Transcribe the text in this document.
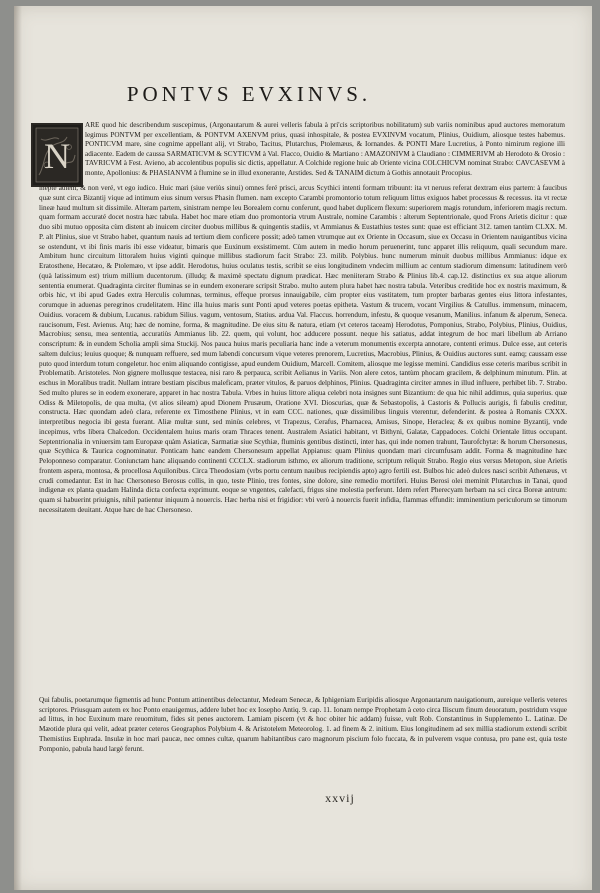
PONTVS EVXINVS.
N

ARE quod hic describendum suscepimus, (Argonautarum & aurei velleris fabula à pri'cis scriptoribus nobilitatum) sub variis nominibus apud auctores memoratum legimus PONTVM per excellentiam, & PONTVM AXENVM prius, quasi inhospitale, & postea EVXINVM vocatum, Plinius, Ouidium, aliosque testes habemus. PONTICVM mare, sine cognime appellant alij, vt Strabo, Tacitus, Plutarchus, Ptolemæus, & Iornandes. & PONTI Mare Lucretius, à Ponto nimirum regione illi adiacente. Eadem de caussa SARMATICVM & SCYTICVM à Val. Flacco, Ouidio & Martiano : AMAZONIVM à Claudiano : CIMMERIVM ab Herodoto & Orosio : TAVRICVM à Fest. Avieno, ab accolentibus populis sic dictis, appellatur. A Colchide regione huic ab Oriente vicina COLCHICVM nominat Strabo: CAVCASEVM à monte, Apollonius: & PHASIANVM à flumine se in illud exonerante, Arstides. Sed & TANAIM dictum à Gothis annotauit Procopius.

inepte autem, & non veré, vt ego iudico. Huic mari (siue veriùs sinui) omnes feré prisci, arcus Scythici intenti formam tribuunt: ita vt neruus referat dextram eius partem: à faucibus quæ sunt circa Bizantij vique ad intimum eius sinum versus Phasin flumen. nam excepto Carambi promontorio totum reliquum littus exiguos habet processus & recessus. ita vt rectæ lineæ haud multum sit dissimile. Alteram partem, sinistram nempe leu Borealem cornu conferunt, quod habet duplicem flexum: superiorem magis rotundum, inferiorem magis rectum. quam formam accuraté docet nostra hæc tabula. Habet hoc mare etiam duo promontoria vtrum Australe, nomine Carambis : alterum Septentrionale, quod Frons Arietis dicitur : quæ duo sibi mutuo opposita cùm distent ab inuicem circiter duobus millibus & quingentis stadiis, vt Ammianus & Eustathius testes sunt: quae est efficiant 312. tamen tantùm CLXX. M. P. alt Plinius, siue vt Strabo habet, quantum nauis ad tertium diem conficere possit; adeò tamen vtrumque aut ex Oriente in Occasum, siue ex Occasu in Orientem nauigantibus vicina se ostendunt, vt ibi finis maris ibi esse videatur, bimaris que Euxinum exsistimemt. Cùm autem in medio horum peruenerint, tunc apparet illis reliquum, quali secundum mare. Ambitum hunc circuitum littoralem huius viginti quinque millibus stadiorum facit Strabo: 23. milib. Polybius. hunc numerum minuit duobus millibus Ammianus: idque ex Eratosthene, Hecatæo, & Ptolemæo, vt ipse addit. Herodotus, huius oculatus testis, scribit se eius longitudinem vndecim millium ac centum stadiorum dimensum: latitudinem verò (quà latissimum est) trium millium ducentorum. (illudq; & maximè spectatu dignum prædicat. Hæc meniiteram Strabo & Plinius lib.4. cap.12. distinctius ex sua atque aliorum sententia enumerat. Quadraginta circiter fluminas se in eundem exonerare scripsit Strabo. multo autem plura habet hæc nostra tabula. Veteribus creditide hoc ex nostris maximum, & orbis hic, vt ibi apud Gades extra Herculis columnas, terminus, effeque prorsus innauigabile, cùm propter eius vastitatem, tum propter barbaras gentes eius littora infestantes, corumque in aduenas peregrinos crudelitatem. Hinc illa huius maris sunt Ponti apud veteres poetas epitheta. Vastum & trucem, vocant Virgilius & Catullus. immensum, minacem, Ouidius. voracem & dubium, Lucanus. rabidum Silius. vagum, ventosum, Statius. ardua Val. Flaccus. horrendum, infestu, & quoque vesanum, Manilius. infanum & alperum, Seneca. raucisonum, Fest. Avienus. Atq; hæc de nomine, forma, & magnitudine. De eius situ & natura, etiam (vt ceteros taceam) Herodotus, Pomponius, Strabo, Polybius, Plinius, Ouidius, Macrobius; sensu, mea sententia, accuratiùs Ammianus lib. 22. quem, qui volunt, hoc adducere possunt. neque his satiatus, addat integrum de hoc mari libellum ab Arriano conscriptum: & in eundem Scholia ampli sima Stuckij. Nos pauca huius maris peculiaria hanc inde a veterum monumentis excerpta annotare, contenti erimus. Dulce esse, aut ceteris saltem dulcius; leuius quoque; & nunquam reffuere, sed mum labendi concursum vique veteres prenorem, Lucretius, Macrobius, Plinius, & Ouidius auctores sunt. eamq; caussam esse puto quod interdum totum congeletur. hoc enim aliquando contigisse, apud eundem Ouidium, Marcell. Comitem, aliosque me legisse memini. Candidius esse ceteris maribus scribit in Problematib. Aristoteles. Non gignere mollusque testacea, nisi raro & perpauca, scribit Aelianus in Variis. Non alere cetos, tantùm phocam gracilem, & delphinum minutum. Plin. at eschus in Moralibus tradit. Nullam intrare bestiam piscibus maleficam, præter vitulos, & paruos delphinos, Plinius. Quadraginta circiter amnes in illud influere, perhibet lib. 7. Strabo. Sed multo plures se in eodem exonerare, apparet in hac nostra Tabula. Vrbes in huius littore aliqua celebri nota insignes sunt Bizantium: de qua hic nihil addimus, quia superius. quæ Odiss & Miletopolis, de qua multa, (vt alios sileam) apud Dionem Prusæum, Oratione XVI. Dioscurias, quæ & Sebastopolis, à Castoris & Pollucis aurigis, fi fabulis creditur, constructa. Hæc quondam adeò clara, referente ex Timosthene Plinius, vt in eam CCC. nationes, quæ dissimilibus linguis vterentur, defenderint. & postea à Romanis CXXX. interpretibus negocia ibi gesta fuerant. Aliæ multæ sunt, sed minùs celebres, vt Trapezus, Cerafus, Pharnacea, Amisus, Sinope, Heraclea; & ex quibus nomine Byzantij, vnde incepimus, vrbs libera Chalcedon. Occidentalem huius maris oram Thraces tenent. Australem Asiatici habitant, vt Bithyni, Galatæ, Cappadoces. Colchi Orientale littus occupant. Septentrionalia in vniuersim tam Europææ quàm Asiaticæ, Sarmatiæ siue Scythiæ, fluminis gentibus distincti, inter has, qui inde nomen trahunt, Taurofchytæ: & horum Chersonesus, quæ Scythica & Taurica cognominatur. Ponticam hanc eandem Chersonesum appellat Appianus: quam Plinius quondam mari circumfusam addit. Forma & magnitudine hæc Peloponneso comparatur. Coniunctam hanc aliquando continenti CCCLX. stadiorum isthmo, ex aliorum traditione, scriptum reliquit Strabo. Regio eius versus Metopon, siue Arietis frontem aspera, montosa, & procellosa Aquilonibus. Circa Theodosiam (vrbs portu centum nauibus recipiendis apto) agro fertili est. Bulbos hic adeò dulces nasci scribit Athenæus, vt crudi comedantur. Est in hac Chersoneso Berosus collis, in quo, teste Plinio, tres fontes, sine dolore, sine remedio mortiferi. Huius Berosi olei meminit Plutarchus in Tanai, quod indigenæ ex planta quadam Halinda dicta confecta exprimunt. eoque se vngentes, calefacti, frigus sine molestia perferunt. Idem refert Pherecyam herbam na sci circa Boreæ antrum: quam si habuerint priuignis, nihil patientur iniquum à nouercis. Hæc herba nisi et frigidior: vbi verò à nouercis fuerit infidia, flammas effundit: imminentium periculorum se timorum necessitatem deuitant. Atque hæc de hac Chersoneso.

Qui fabulis, poetarumque figmentis ad hunc Pontum attinentibus delectantur, Medeam Senecæ, & Iphigeniam Euripidis aliosque Argonautarum nauigationum, aureique velleris veteres scriptores. Priusquam autem ex hoc Ponto enauigemus, addere lubet hoc ex Iosepho Antiq. 9. cap. 11. Ionam nempe Prophetam à ceto circa Iliscum finum deuoratum, postridum vsque ad littus, in hoc Euxinum mare reuomitum, fides sit penes auctorem. Lamiam piscem (vt & hoc obiter hic addam) fuisse, vult Rob. Constantinus in Supplemento L. Latinæ. De Mæotide plura qui velit, adeat præter ceteros Geographos Polybium 4. & Aristotelem Meteorolog. 1. ad finem & 2. initium. Eius longitudinem ad sex millia stadiorum extendi scribit Themistius Euphrada. Insulæ in hoc mari paucæ, nec omnes cultæ, quarum habitantibus caro magnorum piscium folo fuccata, & in pulverem vsque contusa, pro pane est, quia teste Pomponio, pabula haud largè ferunt.

xxvij
